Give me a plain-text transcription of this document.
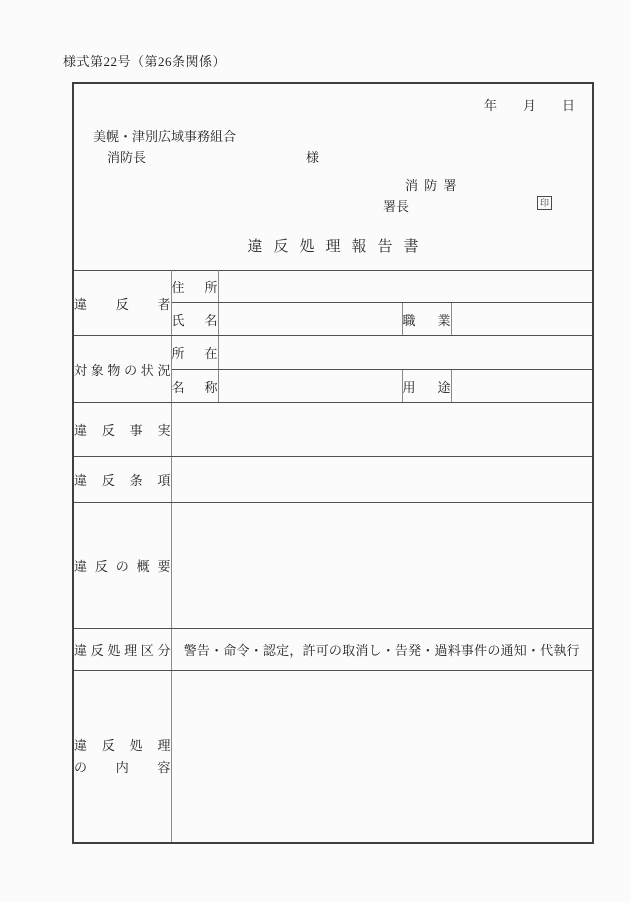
様式第22号（第26条関係）
年　　月　　日
美幌・津別広域事務組合
消防長	様
消 防 署
署長	印
違反処理報告書
違反者	住所			
	氏名		職業	
対象物の状況	所在			
	名称		用途	
違反事実				
違反条項				
違反の概要				
違反処理区分	警告・命令・認定，許可の取消し・告発・過料事件の通知・代執行			

違反処理
の内容				
